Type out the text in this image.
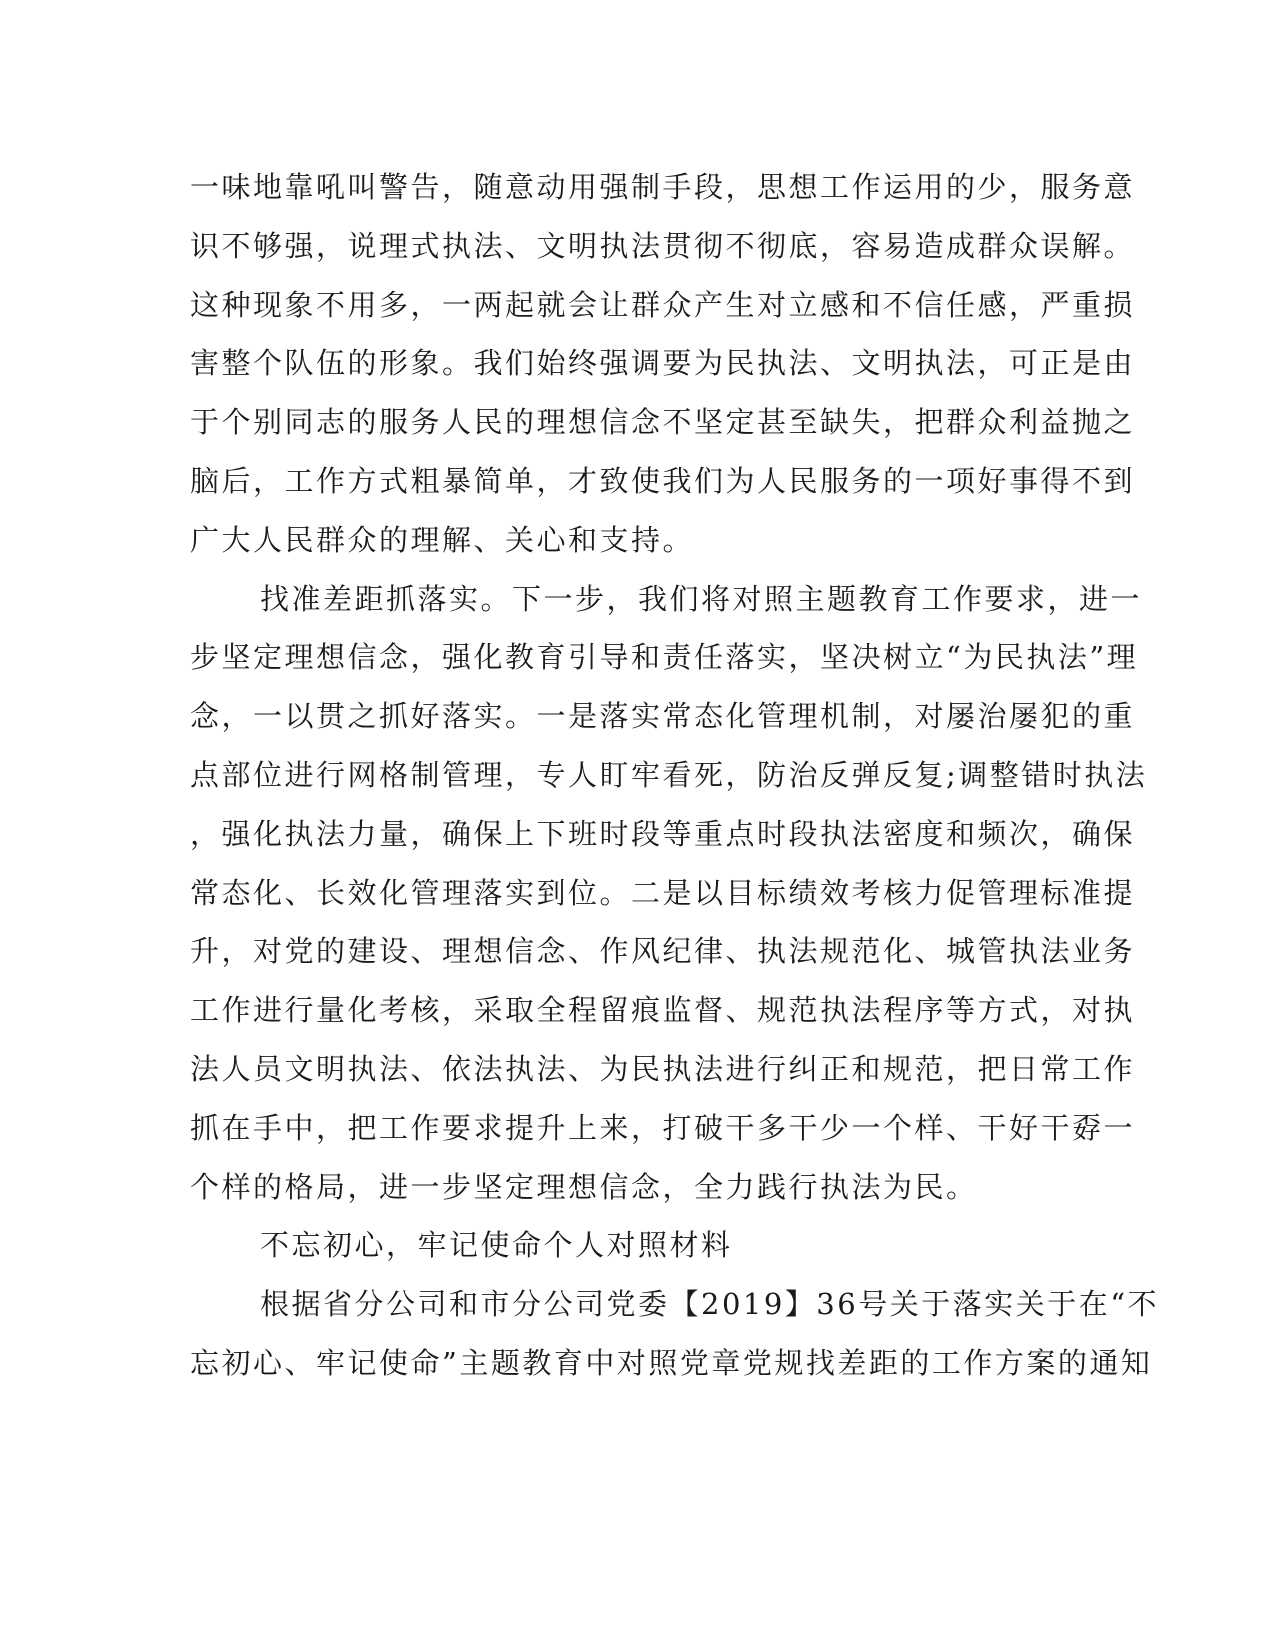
一味地靠吼叫警告，随意动用强制手段，思想工作运用的少，服务意
识不够强，说理式执法、文明执法贯彻不彻底，容易造成群众误解。
这种现象不用多，一两起就会让群众产生对立感和不信任感，严重损
害整个队伍的形象。我们始终强调要为民执法、文明执法，可正是由
于个别同志的服务人民的理想信念不坚定甚至缺失，把群众利益抛之
脑后，工作方式粗暴简单，才致使我们为人民服务的一项好事得不到
广大人民群众的理解、关心和支持。
找准差距抓落实。下一步，我们将对照主题教育工作要求，进一
步坚定理想信念，强化教育引导和责任落实，坚决树立“为民执法”理
念，一以贯之抓好落实。一是落实常态化管理机制，对屡治屡犯的重
点部位进行网格制管理，专人盯牢看死，防治反弹反复;调整错时执法
，强化执法力量，确保上下班时段等重点时段执法密度和频次，确保
常态化、长效化管理落实到位。二是以目标绩效考核力促管理标准提
升，对党的建设、理想信念、作风纪律、执法规范化、城管执法业务
工作进行量化考核，采取全程留痕监督、规范执法程序等方式，对执
法人员文明执法、依法执法、为民执法进行纠正和规范，把日常工作
抓在手中，把工作要求提升上来，打破干多干少一个样、干好干孬一
个样的格局，进一步坚定理想信念，全力践行执法为民。
不忘初心，牢记使命个人对照材料
根据省分公司和市分公司党委【2019】36号关于落实关于在“不
忘初心、牢记使命”主题教育中对照党章党规找差距的工作方案的通知
